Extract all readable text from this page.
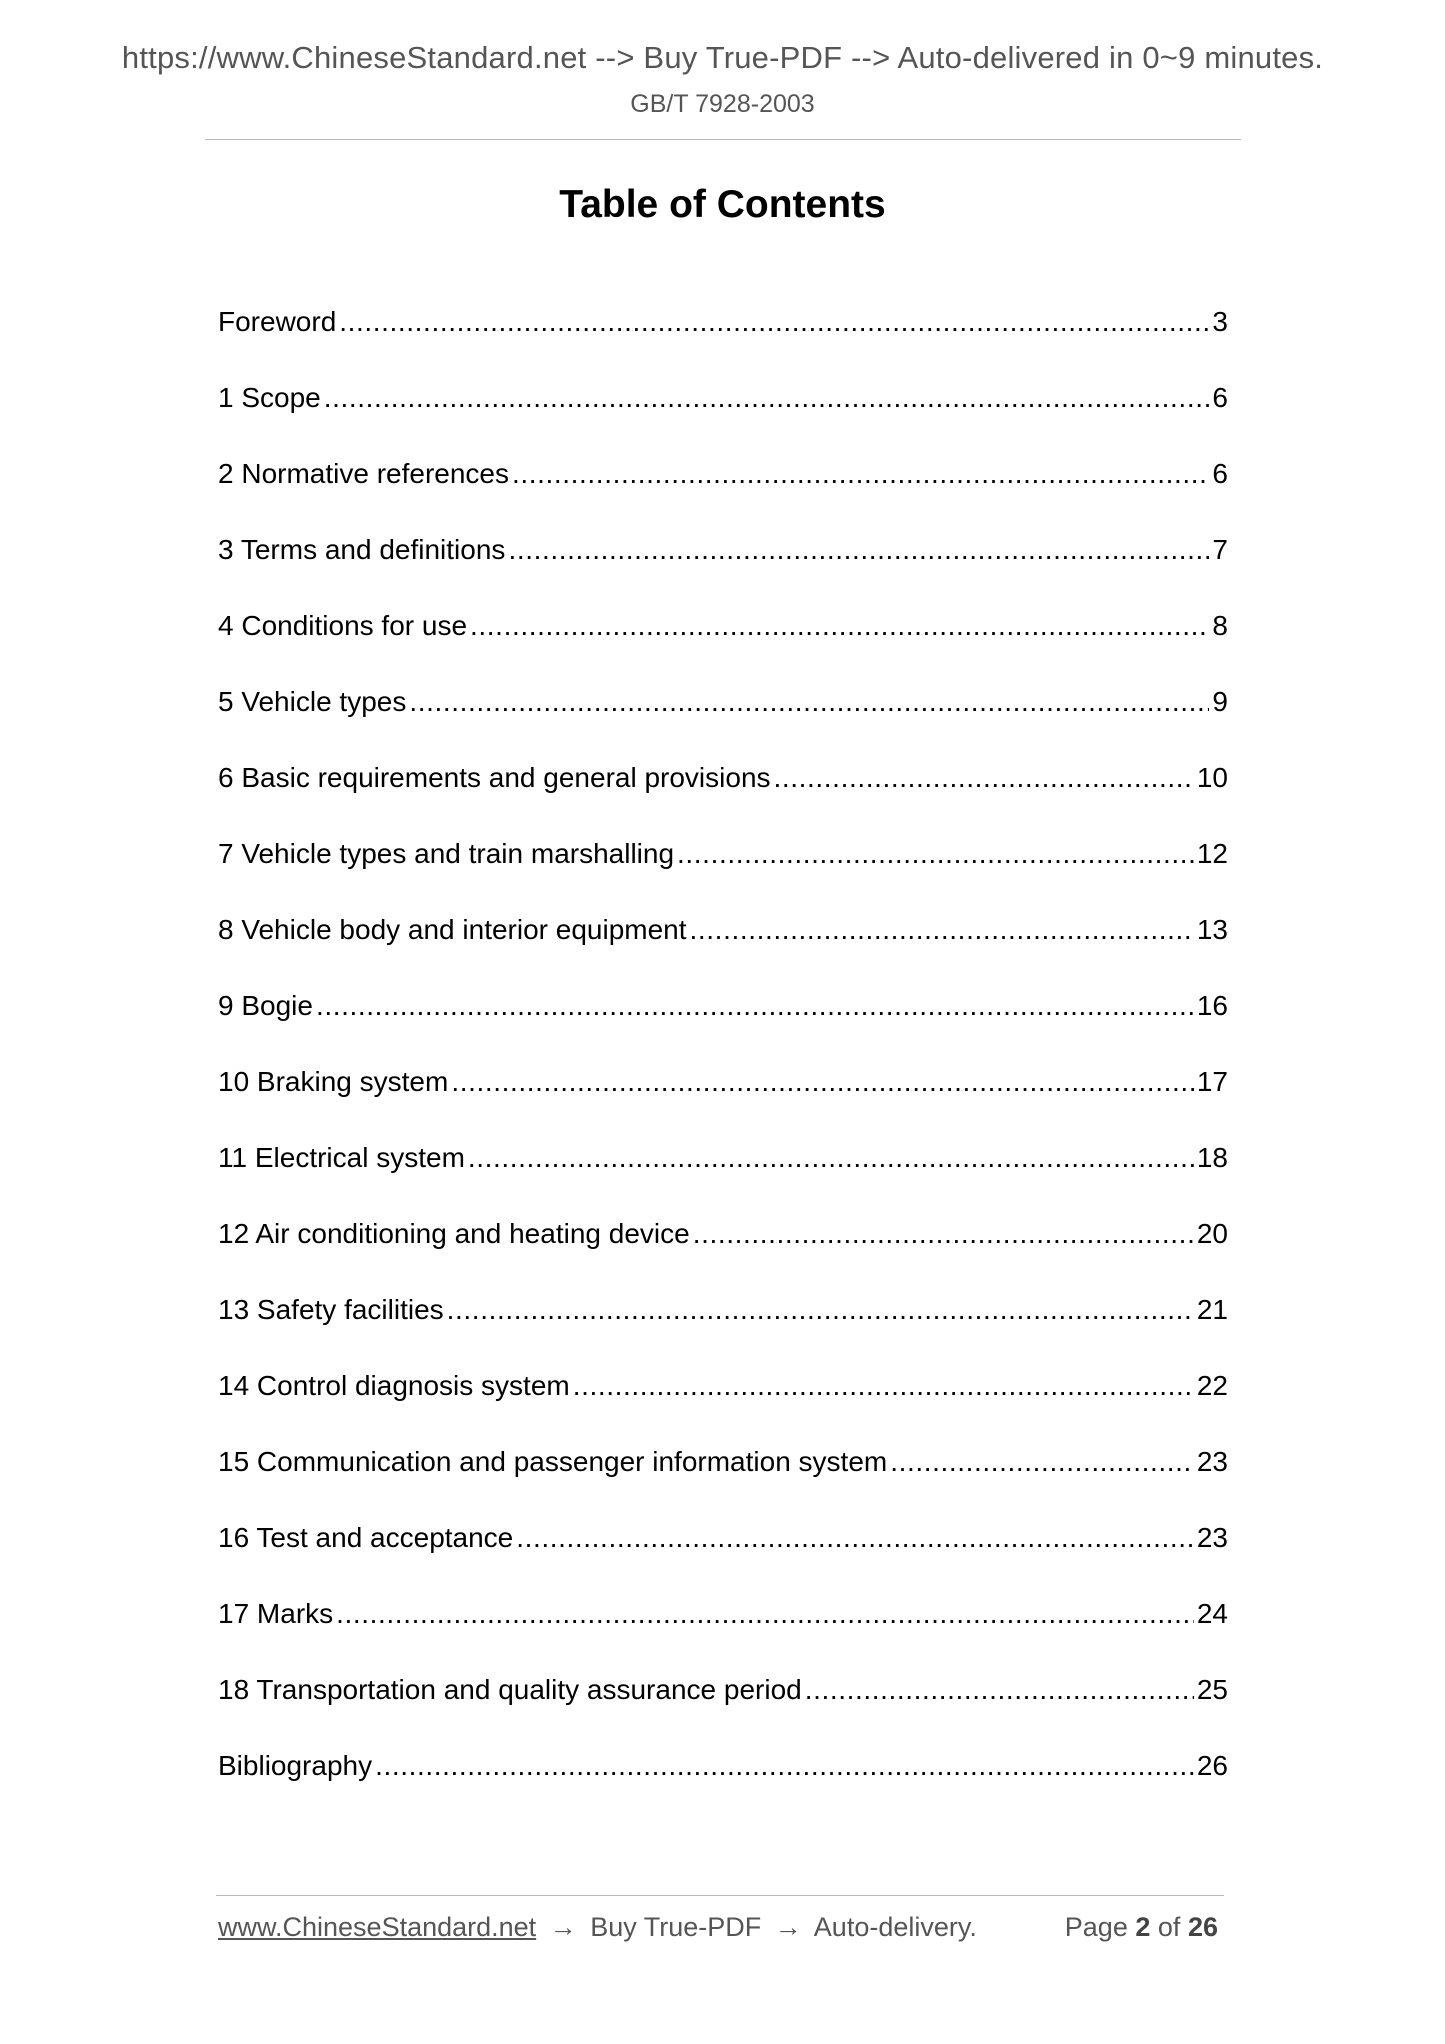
https://www.ChineseStandard.net --> Buy True-PDF --> Auto-delivered in 0~9 minutes.
GB/T 7928-2003
Table of Contents
Foreword .....	3
1 Scope .....	6
2 Normative references .....	6
3 Terms and definitions .....	7
4 Conditions for use .....	8
5 Vehicle types .....	9
6 Basic requirements and general provisions .....	10
7 Vehicle types and train marshalling .....	12
8 Vehicle body and interior equipment .....	13
9 Bogie .....	16
10 Braking system .....	17
11 Electrical system .....	18
12 Air conditioning and heating device .....	20
13 Safety facilities .....	21
14 Control diagnosis system .....	22
15 Communication and passenger information system .....	23
16 Test and acceptance .....	23
17 Marks .....	24
18 Transportation and quality assurance period .....	25
Bibliography .....	26
www.ChineseStandard.net → Buy True-PDF → Auto-delivery.	Page 2 of 26
